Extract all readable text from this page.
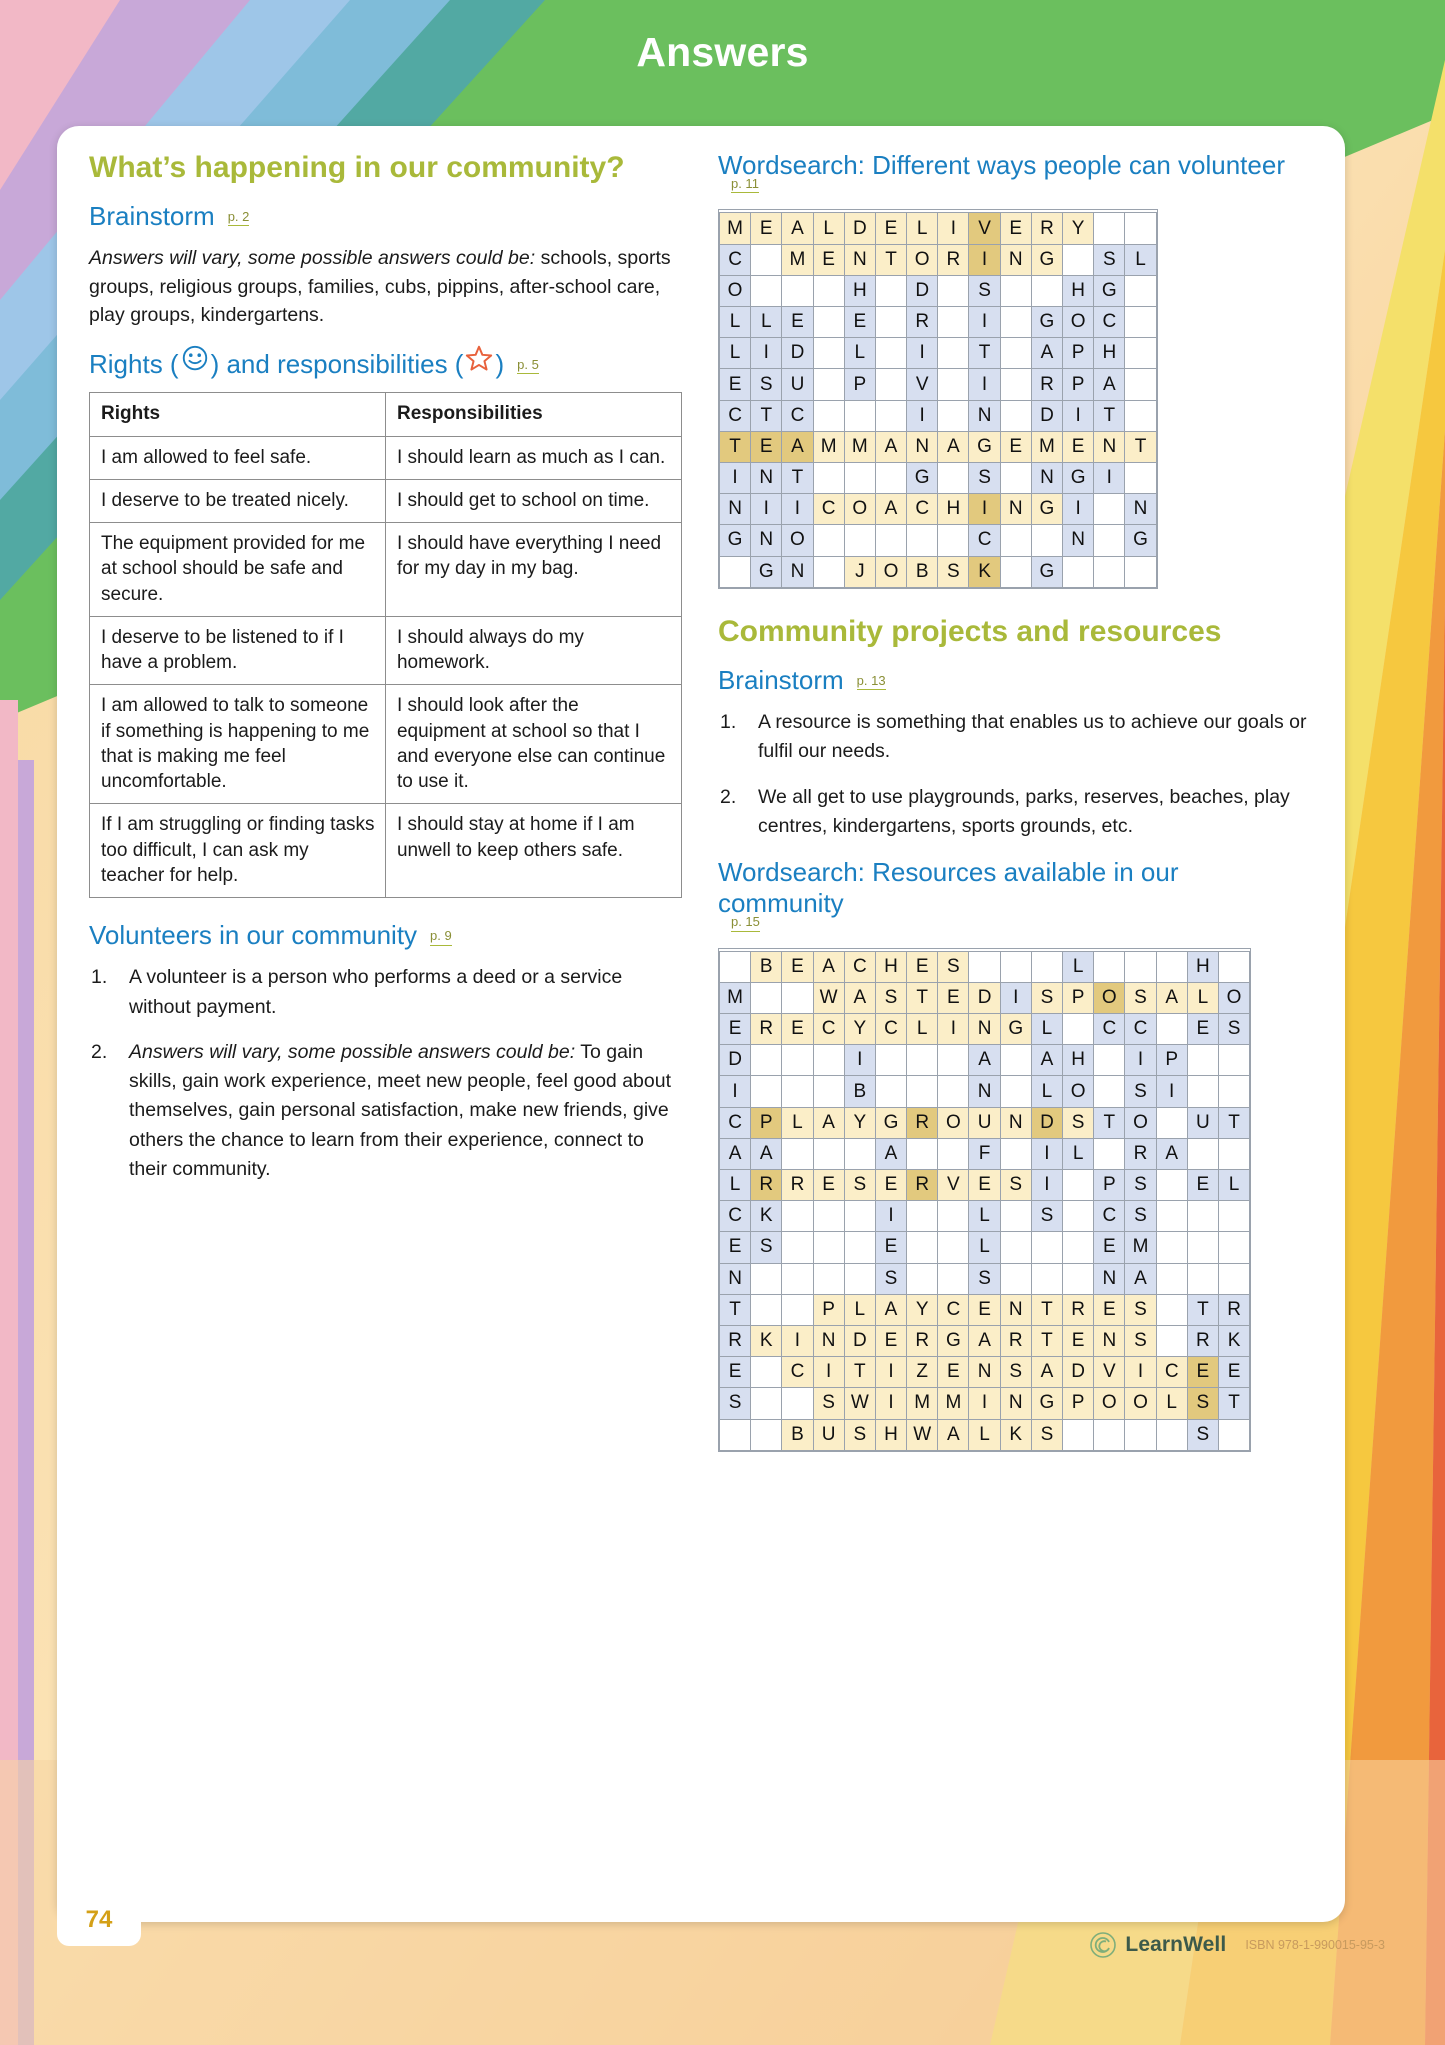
Answers
What’s happening in our community?
Brainstorm p. 2

Answers will vary, some possible answers could be: schools, sports groups, religious groups, families, cubs, pippins, after-school care, play groups, kindergartens.

Rights ( ) and responsibilities ( ) p. 5
Rights	Responsibilities
I am allowed to feel safe.	I should learn as much as I can.
I deserve to be treated nicely.	I should get to school on time.
The equipment provided for me at school should be safe and secure.	I should have everything I need for my day in my bag.
I deserve to be listened to if I have a problem.	I should always do my homework.
I am allowed to talk to someone if something is happening to me that is making me feel uncomfortable.	I should look after the equipment at school so that I and everyone else can continue to use it.
If I am struggling or finding tasks too difficult, I can ask my teacher for help.	I should stay at home if I am unwell to keep others safe.
Volunteers in our community p. 9
1.	A volunteer is a person who performs a deed or a service without payment.
2.	Answers will vary, some possible answers could be: To gain skills, gain work experience, meet new people, feel good about themselves, gain personal satisfaction, make new friends, give others the chance to learn from their experience, connect to their community.
Wordsearch: Different ways people can volunteer
p. 11
M	E	A	L	D	E	L	I	V	E	R	Y		
C		M	E	N	T	O	R	I	N	G		S	L
O				H		D		S			H	G	
L	L	E		E		R		I		G	O	C	
L	I	D		L		I		T		A	P	H	
E	S	U		P		V		I		R	P	A	
C	T	C				I		N		D	I	T	
T	E	A	M	M	A	N	A	G	E	M	E	N	T
I	N	T				G		S		N	G	I	
N	I	I	C	O	A	C	H	I	N	G	I		N
G	N	O						C			N		G
	G	N		J	O	B	S	K		G			
Community projects and resources
Brainstorm p. 13
1.	A resource is something that enables us to achieve our goals or fulfil our needs.
2.	We all get to use playgrounds, parks, reserves, beaches, play centres, kindergartens, sports grounds, etc.
Wordsearch: Resources available in our community
p. 15
	B	E	A	C	H	E	S				L				H	
M			W	A	S	T	E	D	I	S	P	O	S	A	L	O
E	R	E	C	Y	C	L	I	N	G	L		C	C		E	S
D				I				A		A	H		I	P		
I				B				N		L	O		S	I		
C	P	L	A	Y	G	R	O	U	N	D	S	T	O		U	T
A	A				A			F		I	L		R	A		
L	R	R	E	S	E	R	V	E	S	I		P	S		E	L
C	K				I			L		S		C	S			
E	S				E			L				E	M			
N					S			S				N	A			
T			P	L	A	Y	C	E	N	T	R	E	S		T	R
R	K	I	N	D	E	R	G	A	R	T	E	N	S		R	K
E		C	I	T	I	Z	E	N	S	A	D	V	I	C	E	E
S			S	W	I	M	M	I	N	G	P	O	O	L	S	T
		B	U	S	H	W	A	L	K	S					S	
74
LearnWell ISBN 978-1-990015-95-3
